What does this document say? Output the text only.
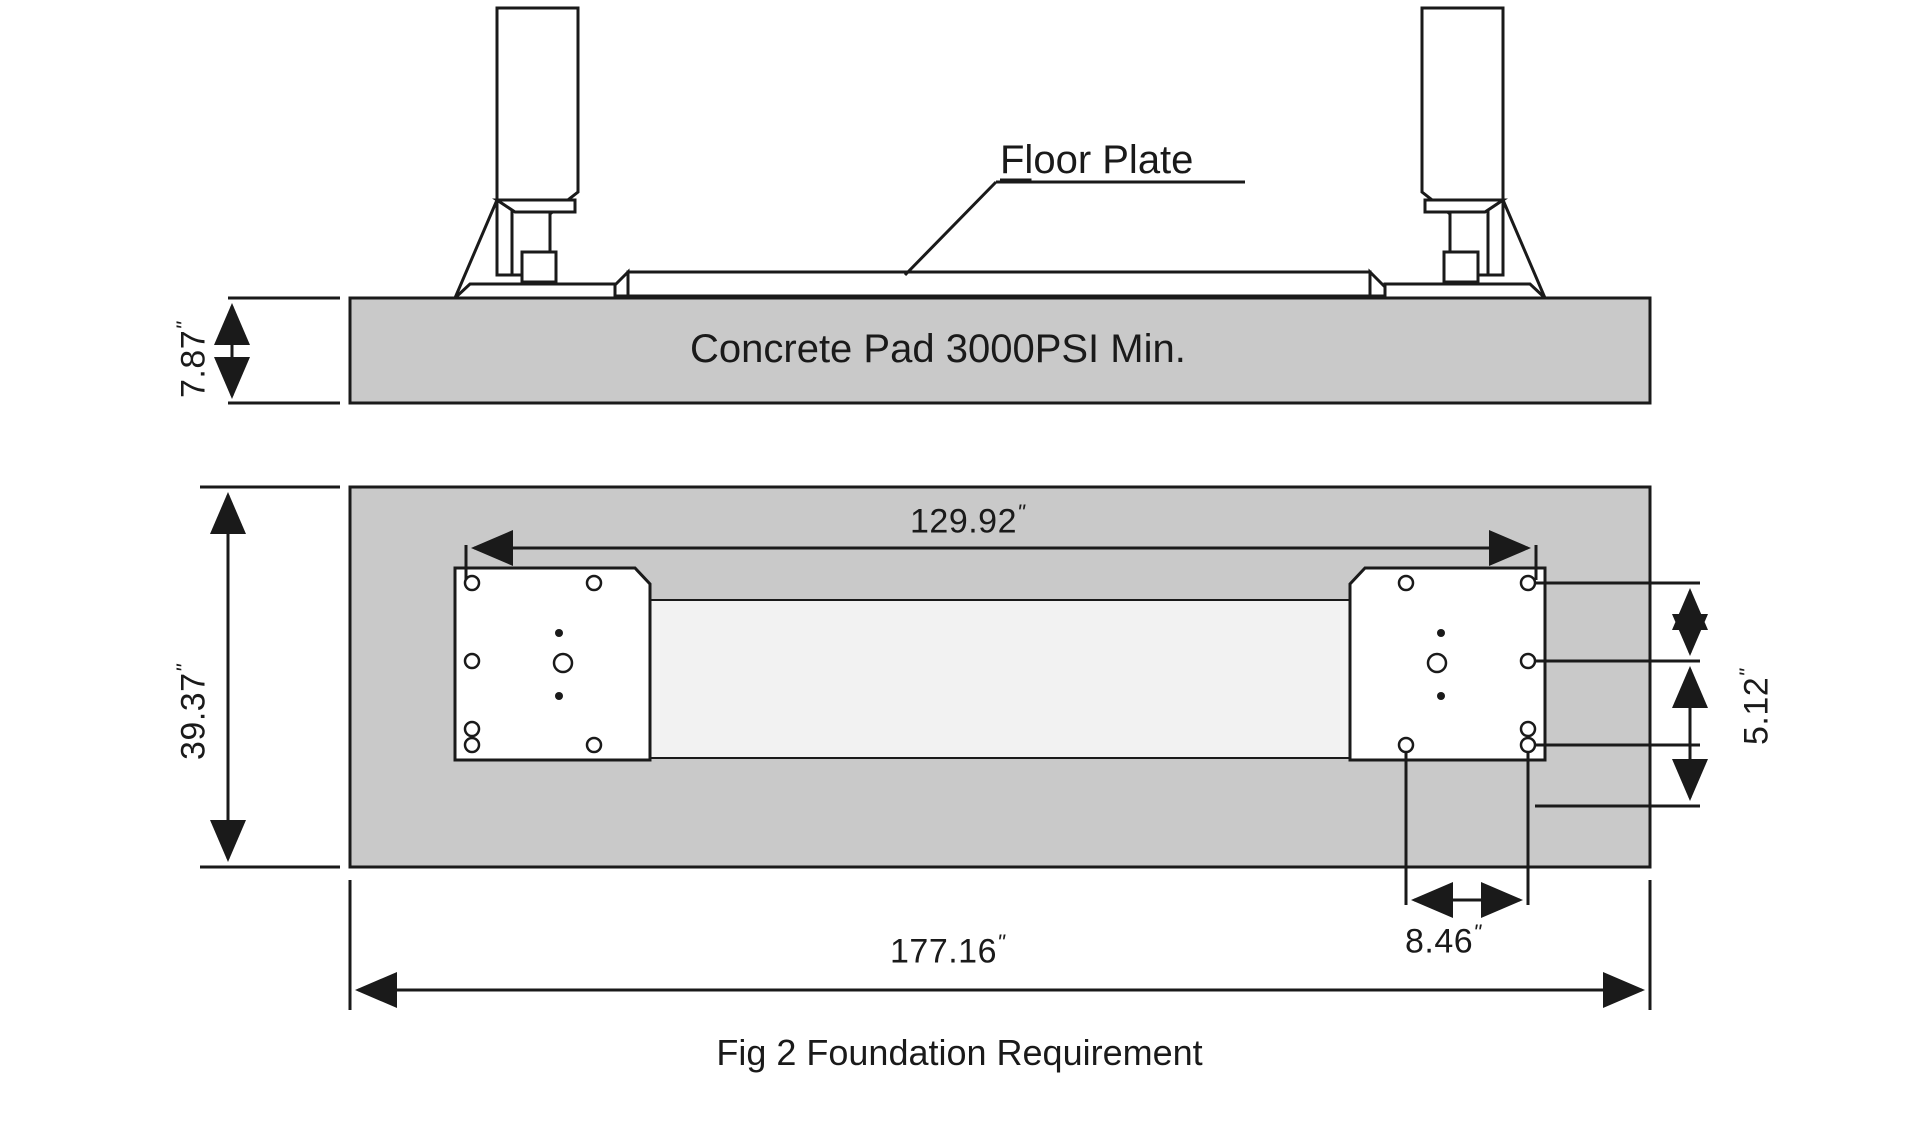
Floor Plate
Concrete Pad 3000PSI Min.
7.87"
39.37"
129.92"
177.16"	8.46"
5.12"
Fig 2 Foundation Requirement
